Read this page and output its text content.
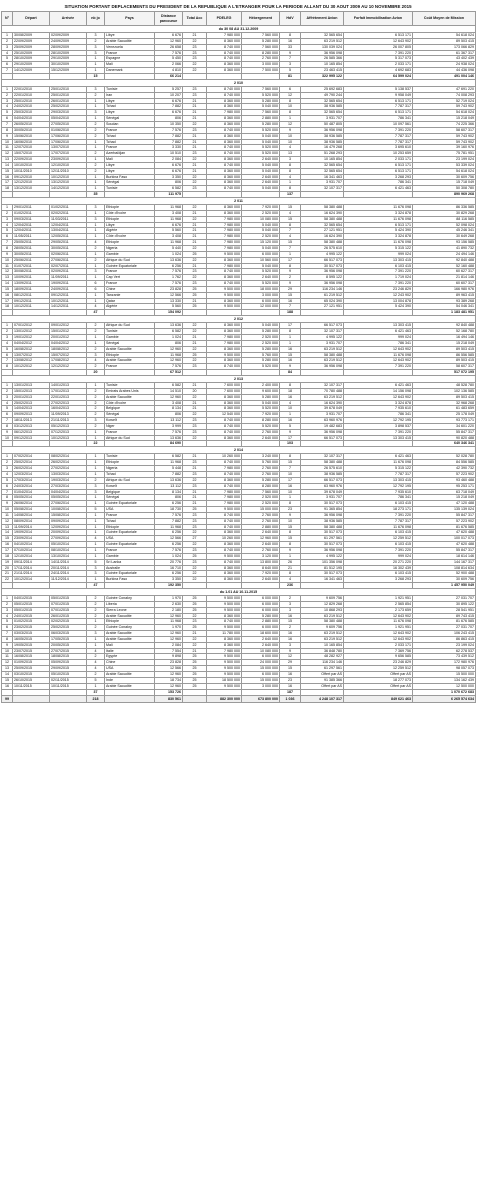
SITUATION PORTANT DEPLACEMENTS DU PRESIDENT DE LA REPUBLIQUE A L'ETRANGER POUR LA PERIODE ALLANT DU 30 AOUT 2009 AU 10 NOVEMBRE 2015
N°	Départ	Arrivée	nb jo	Pays	Distance parcourue	Total Acc	PDELEG	Hébergement	HdV	Affrètement Avion	Forfait Immobilisation Avion	Coût Moyen de Mission
du 30 08 AU 31.12.2009												
1	30/08/2009	02/09/2009	3	Libye	6 676	21	7 980 000	7 560 000	8	32 565 654	6 513 171	54 618 024
2	22/09/2009	24/09/2009	2	Arabie Saoudite	12 960	22	8 360 000	5 280 000	16	63 219 512	12 643 902	89 503 415
3	25/09/2009	28/09/2009	3	Venezuela	26 658	23	8 740 000	7 560 000	33	130 039 024	26 007 805	173 066 829
4	25/10/2009	28/10/2009	3	France	7 576	23	8 740 000	8 280 000	9	36 956 098	7 391 220	61 367 317
5	28/10/2009	29/10/2009	1	Espagne	5 450	23	8 740 000	2 760 000	7	26 585 366	5 317 073	43 402 439
6	29/10/2009	30/10/2009	1	Mali	2 066	22	8 360 000	3 000 000	3	10 165 854	2 033 171	24 938 024
7	14/12/2009	15/12/2009	1	Danemark	4 810	22	8 360 000	7 500 000	5	23 463 415	4 692 683	44 436 098
			15		66 214				81	322 995 122	64 599 024	491 004 146
2 010												
1	22/01/2010	25/01/2010	3	Tunisie	5 257	23	8 740 000	7 560 000	6	25 692 683	5 138 537	47 691 220
2	22/01/2010	25/01/2010	2	Iran	10 207	23	8 740 000	5 520 000	12	49 790 244	9 958 049	74 008 293
3	25/01/2010	26/01/2010	1	Libye	6 676	21	8 360 000	5 280 000	8	32 565 654	6 513 171	52 719 024
4	24/02/2010	25/02/2010	1	Tchad	7 882	21	8 360 000	5 040 000	10	38 936 585	7 787 317	59 743 902
5	25/03/2010	29/03/2010	3	Libye	6 676	21	7 980 000	7 560 000	8	32 565 654	6 513 171	54 618 024
6	04/04/2010	05/04/2010	1	Sénégal	806	21	8 360 000	2 880 000	1	3 931 707	786 341	15 218 049
7	26/05/2010	27/05/2010	2	Soudan	10 350	22	8 360 000	5 280 000	12	50 487 805	10 097 561	74 225 366
8	30/05/2010	01/06/2010	2	France	7 576	23	8 740 000	5 520 000	9	36 956 098	7 391 220	58 607 317
9	15/06/2010	17/06/2010	2	Tchad	7 882	21	8 360 000	5 040 000	10	38 936 585	7 787 317	59 743 902
10	16/06/2010	17/06/2010	1	Tchad	7 882	21	8 360 000	5 040 000	10	38 936 585	7 787 317	59 743 902
11	12/07/2010	13/07/2010	1	France	3 330	21	8 740 000	5 520 000	4	16 479 268	3 695 610	39 160 976
12	15/07/2010	17/07/2010	2	Azerbaïdjan	10 510	23	8 740 000	5 520 000	13	51 268 293	10 253 659	75 781 951
13	22/09/2010	23/09/2010	1	Mali	2 084	22	8 360 000	2 640 000	3	10 165 854	2 033 171	23 199 024
14	10/10/2010	12/10/2010	2	Libye	6 676	21	8 740 000	5 040 000	8	32 565 654	6 513 171	53 339 024
15	10/11/2010	12/11/2010	2	Libye	6 676	21	8 360 000	5 040 000	8	32 565 654	6 513 171	54 618 024
16	09/12/2010	10/12/2010	1	Burkina Faso	3 350	22	8 360 000	2 640 000	4	16 341 463	3 268 293	30 609 756
17	12/12/2010	13/12/2010	1	Sénégal	806	22	8 360 000	2 640 000	1	3 931 707	786 341	15 718 049
18	13/12/2010	14/12/2010	1	Tunisie	6 582	23	8 740 000	5 040 000	8	32 107 317	6 421 463	50 308 780
			35		111 975				137			890 969 268
2 011												
1	29/01/2011	01/02/2011	3	Ethiopie	11 968	22	8 360 000	7 920 000	15	58 380 488	11 676 098	86 336 585
2	01/02/2011	02/02/2011	1	Côte d'Ivoire	3 408	21	8 360 000	2 520 000	4	16 624 390	3 324 878	30 829 268
3	09/03/2011	11/03/2011	3	Ethiopie	11 968	22	7 980 000	10 080 000	15	58 380 488	11 676 098	88 116 585
4	12/04/2011	12/04/2011	1	Libye	6 676	21	7 980 000	5 040 000	8	32 565 654	6 513 171	52 098 024
5	12/04/2011	13/04/2011	1	Algérie	5 560	21	7 980 000	5 040 000	7	27 121 951	5 424 390	45 246 341
6	11/05/2011	12/05/2011	1	Côte d'Ivoire	3 408	21	7 980 000	2 520 000	4	16 624 390	3 324 878	30 649 268
7	25/05/2011	29/05/2011	4	Ethiopie	11 968	21	7 980 000	15 120 000	15	58 380 488	11 676 098	93 156 585
8	28/05/2011	30/05/2011	2	Nigeria	5 440	22	7 980 000	5 040 000	7	26 575 610	5 315 122	41 890 732
9	30/05/2011	02/06/2011	1	Gambie	1 024	25	9 500 000	6 000 000	1	4 995 122	999 024	24 494 146
10	25/06/2011	27/06/2011	2	Afrique du Sud	13 636	22	8 360 000	10 560 000	17	66 517 073	13 303 415	92 840 488
11	01/07/2011	02/07/2011	1	Guinée Equatoriale	6 256	21	7 980 000	5 040 000	8	30 517 073	6 103 415	52 160 488
12	30/08/2011	02/09/2011	3	France	7 576	23	8 740 000	5 520 000	9	36 956 098	7 391 220	60 627 317
13	10/09/2011	11/09/2011	1	Cap Vert	1 762	22	8 360 000	2 640 000	2	8 595 122	1 719 024	21 814 146
14	13/09/2011	19/09/2011	6	France	7 576	23	8 740 000	5 520 000	9	36 956 098	7 391 220	60 607 317
15	18/09/2011	24/09/2011	6	Chine	23 828	25	9 500 000	18 000 000	29	116 234 146	23 246 829	166 980 976
16	08/12/2011	09/12/2011	1	Tanzanie	12 566	25	9 500 000	3 000 000	15	61 219 512	12 243 902	89 963 415
17	09/12/2011	10/12/2011	1	Qatar	13 330	21	8 360 000	6 000 000	16	65 024 390	13 004 878	93 389 268
18	10/12/2011	14/12/2011	4	Algérie	5 560	25	9 500 000	12 000 000	7	27 121 951	5 424 390	54 046 341
			47		154 092				188			1 183 481 951
2 012												
1	07/01/2012	09/01/2012	2	Afrique du Sud	13 636	22	8 360 000	5 040 000	17	66 517 073	13 303 415	92 840 488
2	13/01/2012	15/01/2012	2	Tunisie	6 582	22	8 360 000	5 280 000	8	32 107 317	6 421 463	52 168 780
3	19/01/2012	20/01/2012	1	Gambie	1 024	21	7 980 000	2 520 000	1	4 995 122	999 024	16 494 146
4	04/04/2012	04/04/2012	1	Sénégal	806	21	7 980 000	2 520 000	1	3 931 707	786 341	15 218 049
5	16/08/2012	18/08/2012	2	Arabie Saoudite	12 960	22	8 360 000	5 280 000	16	63 219 512	12 643 902	89 503 415
6	13/07/2012	15/07/2012	3	Ethiopie	11 968	25	9 500 000	5 760 000	15	58 380 488	11 676 098	86 556 585
7	13/08/2012	17/08/2012	4	Arabie Saoudite	12 960	22	8 360 000	5 280 000	16	63 219 512	12 643 902	89 503 415
8	10/12/2012	12/12/2012	2	France	7 576	23	8 740 000	5 520 000	9	36 956 098	7 391 220	58 607 317
			20		67 512				84			517 072 195
2 013												
1	13/01/2013	14/01/2013	1	Tunisie	6 582	21	7 600 000	2 400 000	8	32 107 317	6 421 463	48 528 780
2	15/01/2013	17/01/2013	2	Emirats Arabes Unis	14 510	20	7 600 000	9 600 000	18	70 780 488	14 156 098	102 136 585
3	20/01/2013	22/01/2013	2	Arabie Saoudite	12 960	22	8 360 000	5 280 000	16	63 219 512	12 643 902	89 503 415
4	25/02/2013	27/02/2013	2	Côte d'Ivoire	3 408	21	8 360 000	5 040 000	4	16 624 390	3 324 878	32 968 268
5	14/04/2013	16/04/2013	2	Belgique	8 134	21	8 360 000	5 520 000	10	39 678 049	7 935 610	61 483 659
6	09/09/2013	11/09/2013	2	Sénégal	806	22	12 540 000	7 920 000	1	3 931 707	786 341	25 178 049
7	18/11/2013	21/11/2013	3	Koweït	13 112	23	8 740 000	8 280 000	16	63 960 976	12 792 195	93 773 171
8	03/12/2013	05/12/2013	2	Niger	3 999	23	8 740 000	5 520 000	5	19 482 683	3 898 537	34 601 220
9	06/12/2013	07/12/2013	1	France	7 576	23	8 740 000	2 760 000	9	36 956 098	7 391 220	55 847 317
10	09/12/2013	10/12/2013	1	Afrique du Sud	13 636	22	8 360 000	2 640 000	17	66 517 073	13 303 415	90 820 488
			22		84 690				103			640 346 341
2 014												
1	07/02/2014	08/02/2014	1	Tunisie	6 582	21	10 260 000	3 240 000	8	32 107 317	6 421 463	52 028 780
2	25/02/2014	26/02/2014	1	Ethiopie	11 968	23	8 740 000	5 760 000	15	58 380 488	11 676 098	84 556 585
3	26/02/2014	27/02/2014	1	Nigeria	5 448	21	7 980 000	2 760 000	7	26 575 610	5 315 122	42 390 732
4	12/03/2014	13/03/2014	1	Tchad	7 882	23	8 740 000	2 760 000	10	38 936 585	7 787 317	57 223 902
5	17/03/2014	19/03/2014	2	Afrique du Sud	13 636	22	8 360 000	5 280 000	17	66 517 073	13 303 415	93 460 488
6	24/03/2014	27/03/2014	3	Koweït	13 112	23	8 740 000	8 280 000	16	63 960 976	12 792 195	95 253 171
7	01/04/2014	04/04/2014	3	Belgique	8 134	21	7 980 000	7 560 000	10	39 678 049	7 935 610	63 718 049
8	05/05/2014	05/05/2014	1	Sénégal	806	21	7 980 000	2 520 000	1	3 931 707	786 341	15 218 049
9	26/06/2014	27/06/2014	1	Guinée Equatoriale	6 256	21	7 980 000	2 520 000	8	30 517 073	6 103 415	47 120 488
10	05/08/2014	10/08/2014	5	USA	18 730	25	9 500 000	15 000 000	23	91 365 854	18 273 171	135 139 024
11	14/08/2014	15/08/2014	1	France	7 576	23	8 740 000	2 760 000	9	36 956 098	7 391 220	55 847 317
12	08/09/2014	09/09/2014	1	Tchad	7 882	23	8 740 000	2 760 000	10	38 936 585	7 787 317	57 223 902
13	11/09/2014	12/09/2014	1	Ethiopie	11 968	23	8 740 000	2 880 000	15	58 380 488	11 676 098	81 676 585
14	19/09/2014	20/09/2014	1	Guinée Equatoriale	6 256	22	8 360 000	2 640 000	8	30 517 073	6 103 415	47 620 488
15	23/09/2014	27/09/2014	4	USA	12 566	27	10 260 000	12 960 000	15	61 297 561	12 259 512	100 017 073
16	04/10/2014	05/10/2014	1	Guinée Equatoriale	6 256	22	8 360 000	2 640 000	8	30 517 073	6 103 415	47 620 488
17	07/10/2014	08/10/2014	1	France	7 576	23	8 740 000	2 760 000	9	36 956 098	7 391 220	55 847 317
18	12/10/2014	13/10/2014	1	Gambie	1 024	25	9 500 000	3 120 000	1	4 995 122	999 024	18 614 146
19	09/11/2014	14/11/2014	5	Sri Lanka	20 776	23	8 740 000	13 800 000	26	101 356 098	20 271 220	144 167 317
20	17/11/2014	20/11/2014	3	Australie	16 710	22	8 360 000	8 640 000	21	81 512 195	16 302 439	108 814 634
21	21/11/2014	24/11/2014	3	Guinée Equatoriale	6 256	22	8 360 000	7 920 000	8	30 517 073	6 103 415	52 900 488
22	10/12/2014	11/12/2014	1	Burkina Faso	3 350	22	8 360 000	2 640 000	4	16 341 463	3 268 293	30 609 756
			47		192 350				236			1 457 950 049
du 1.01 AU 10.11.2015												
1	04/01/2015	05/01/2015	2	Guinée Conakry	1 970	25	9 500 000	6 000 000	2	9 609 756	1 921 951	27 031 707
2	05/01/2015	07/01/2015	2	Liberia	2 630	25	9 500 000	6 000 000	3	12 829 268	2 565 854	30 895 122
3	05/01/2015	07/01/2015	2	Sierra Leone	2 180	25	9 500 000	6 000 000	3	10 868 293	2 173 659	28 541 951
4	24/01/2015	26/01/2015	2	Arabie Saoudite	12 960	22	8 360 000	5 280 000	16	63 219 512	12 643 902	89 743 415
5	01/02/2015	02/02/2015	1	Ethiopie	11 968	23	8 740 000	2 880 000	15	58 380 488	11 676 098	81 676 585
6	23/02/2015	25/02/2015	2	Guinée Conakry	1 970	25	9 500 000	6 000 000	2	9 609 756	1 921 951	27 031 707
7	03/03/2015	06/03/2015	3	Arabie Saoudite	12 960	21	11 780 000	18 600 000	16	63 219 512	12 643 902	106 243 415
8	16/05/2015	17/05/2015	1	Arabie Saoudite	12 960	22	8 360 000	2 640 000	16	63 219 512	12 643 902	86 863 415
9	19/05/2015	20/05/2015	1	Mali	2 084	22	8 360 000	2 640 000	3	10 165 854	2 033 171	23 199 024
10	23/07/2015	27/07/2015	4	Italie	7 554	21	7 980 000	10 080 000	9	36 848 780	7 369 756	62 278 537
11	16/08/2015	18/08/2015	2	Egypte	9 898	25	9 500 000	6 000 000	12	48 282 927	9 656 585	73 439 512
12	01/09/2015	05/09/2015	4	Chine	23 828	25	9 500 000	24 000 000	29	116 234 146	23 246 829	172 980 976
13	25/09/2015	29/09/2015	4	USA	12 566	25	9 500 000	15 000 000	15	61 297 561	12 259 512	98 057 073
14	03/10/2015	05/10/2015	2	Arabie Saoudite	12 960	25	9 500 000	6 000 000	16	Offert par AS	Offert par AS	15 500 000
15	26/10/2015	02/11/2015	5	Inde	18 734	25	18 500 000	15 000 000	23	91 385 366	18 277 073	134 162 439
16	10/11/2015	10/11/2015	1	Arabie Saoudite	12 960	25	9 500 000	3 000 000	16	Offert par AS	Offert par AS	12 500 000
			37		153 726				187			1 070 672 683
99			218		830 561		882 300 000	673 800 000	1 036	4 248 107 317	849 621 463	6 265 574 634
